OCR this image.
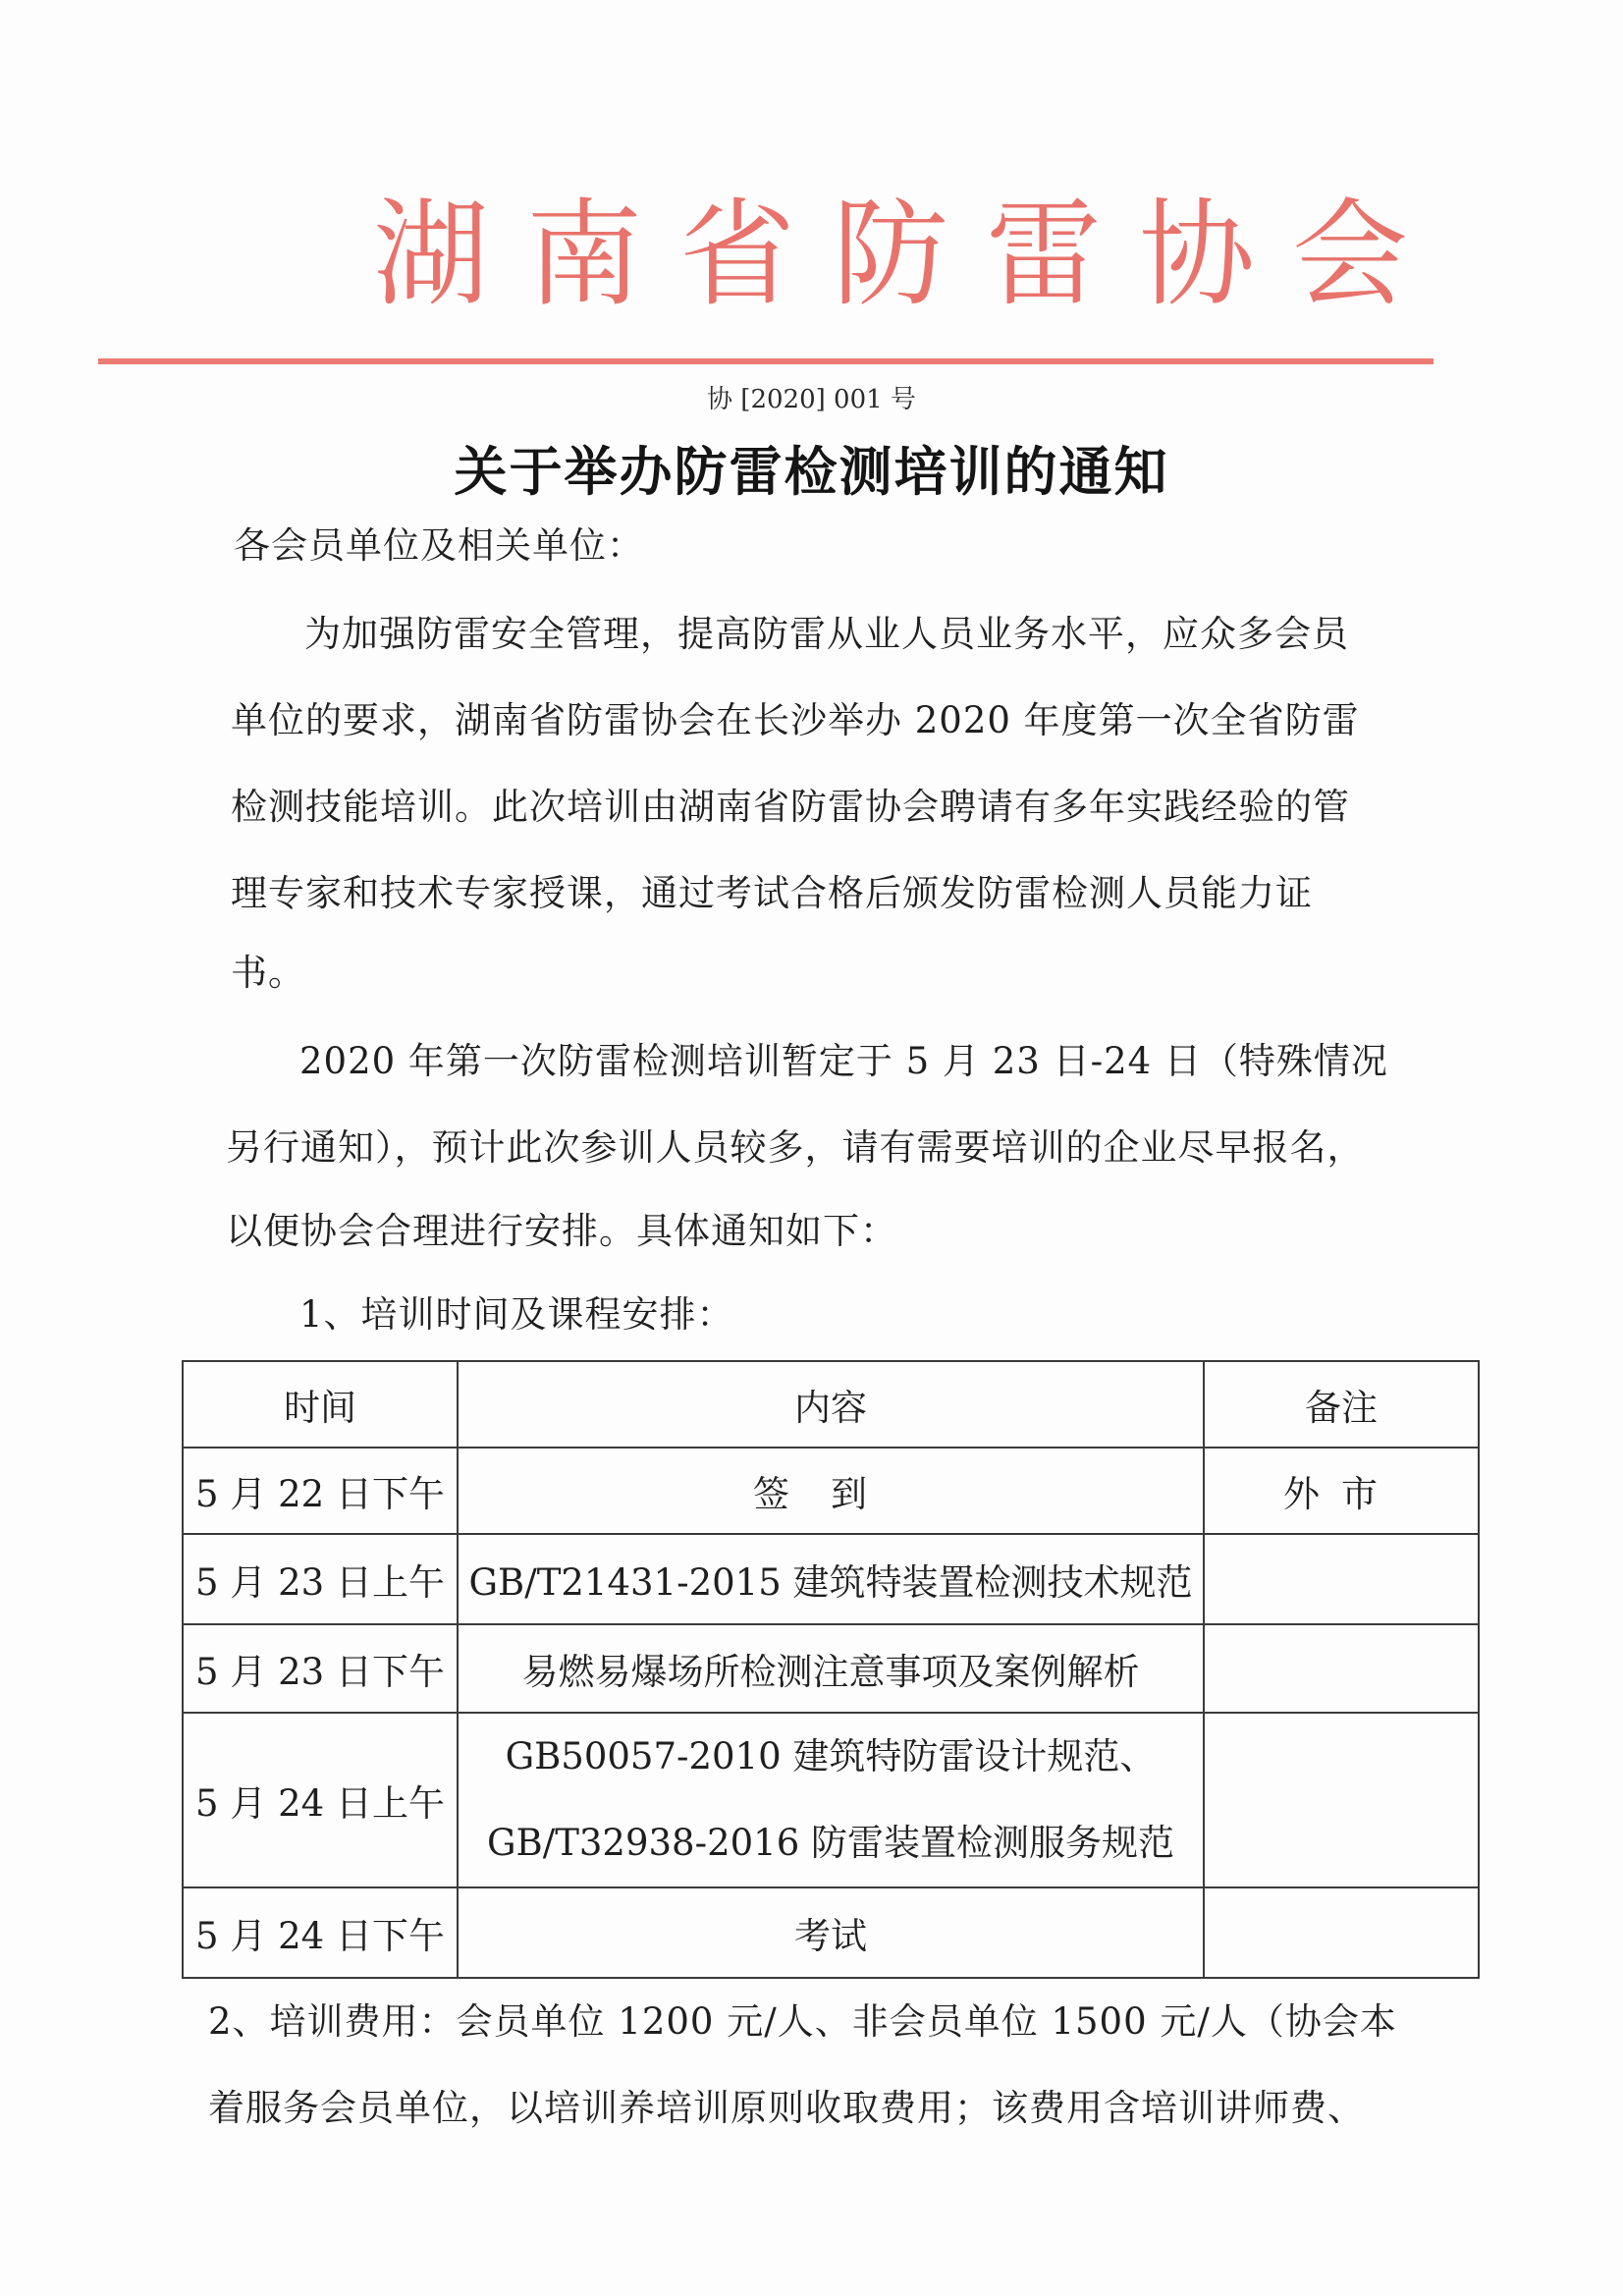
湖南省防雷协会
协 [2020] 001 号
关于举办防雷检测培训的通知
各会员单位及相关单位：
为加强防雷安全管理，提高防雷从业人员业务水平，应众多会员
单位的要求，湖南省防雷协会在长沙举办 2020 年度第一次全省防雷
检测技能培训。此次培训由湖南省防雷协会聘请有多年实践经验的管
理专家和技术专家授课，通过考试合格后颁发防雷检测人员能力证
书。
2020 年第一次防雷检测培训暂定于 5 月 23 日-24 日（特殊情况
另行通知），预计此次参训人员较多，请有需要培训的企业尽早报名，
以便协会合理进行安排。具体通知如下：
1、培训时间及课程安排：
时间	内容	备注
5 月 22 日下午	签到	外市
5 月 23 日上午	GB/T21431-2015 建筑特装置检测技术规范	
5 月 23 日下午	易燃易爆场所检测注意事项及案例解析	
5 月 24 日上午	GB50057-2010 建筑特防雷设计规范、
GB/T32938-2016 防雷装置检测服务规范	

5 月 24 日下午	考试	
2、培训费用：会员单位 1200 元/人、非会员单位 1500 元/人（协会本
着服务会员单位，以培训养培训原则收取费用；该费用含培训讲师费、
